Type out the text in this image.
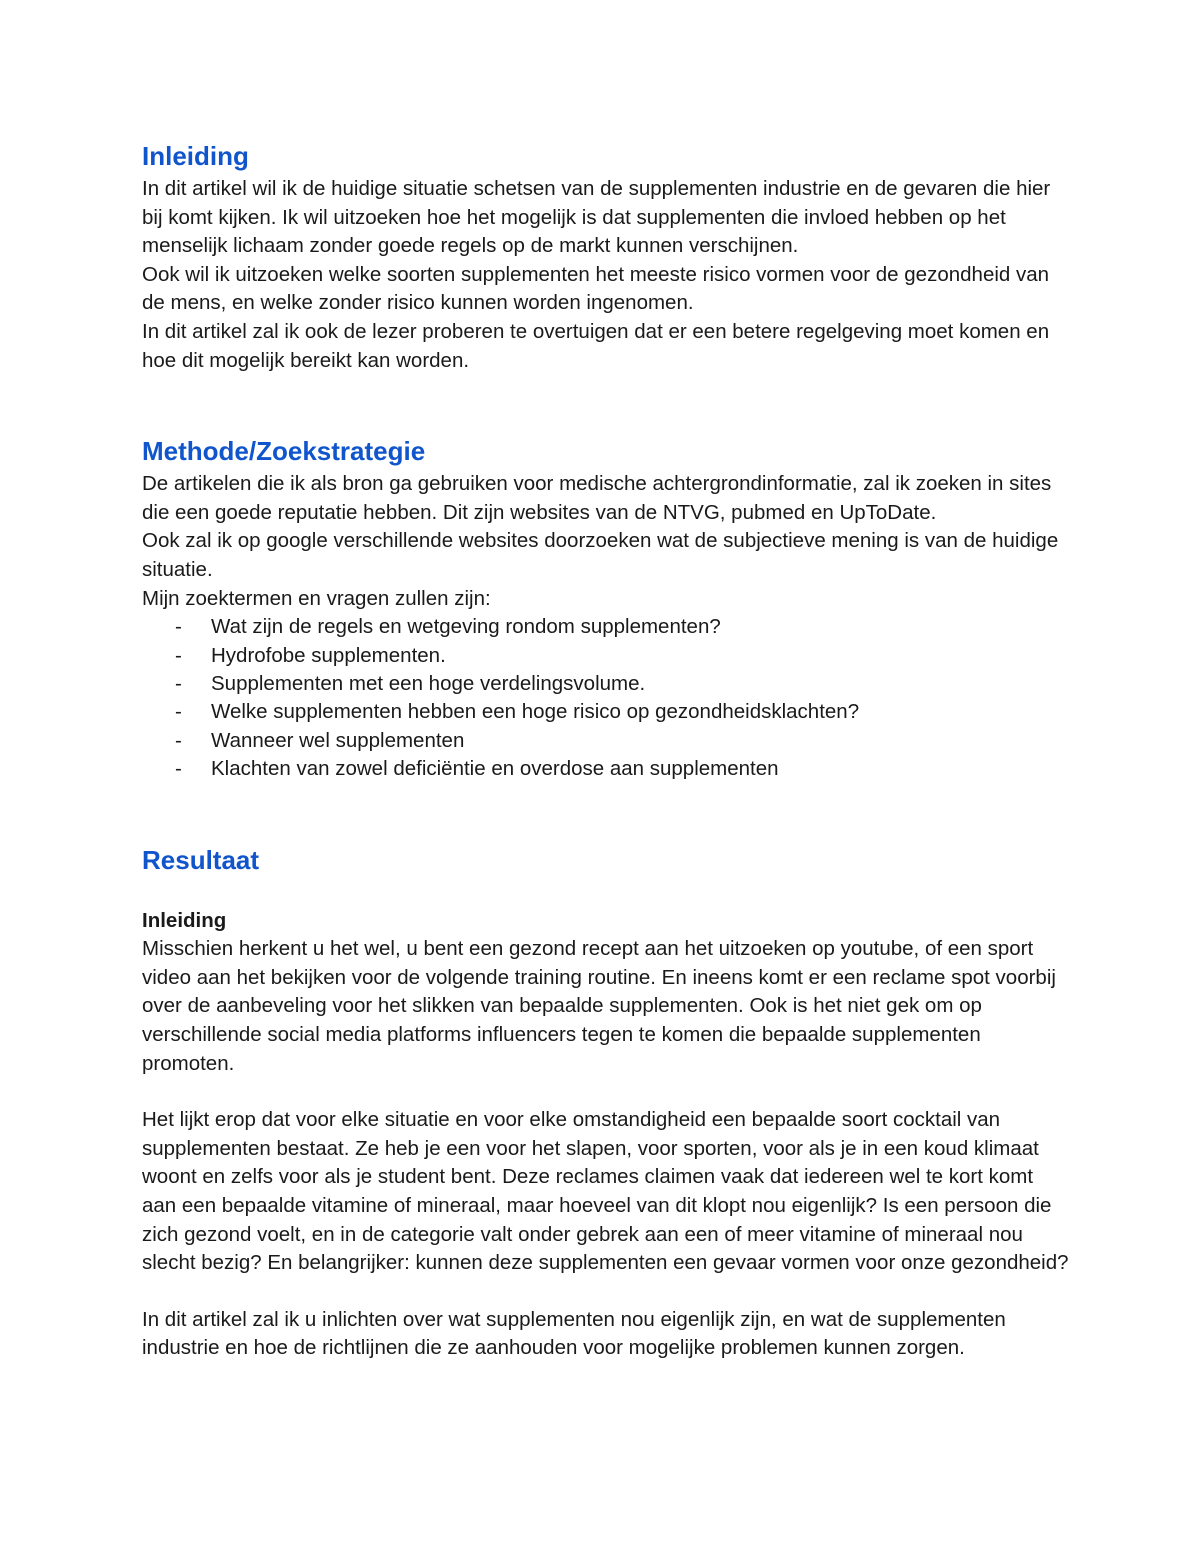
Inleiding

In dit artikel wil ik de huidige situatie schetsen van de supplementen industrie en de gevaren die hier bij komt kijken. Ik wil uitzoeken hoe het mogelijk is dat supplementen die invloed hebben op het menselijk lichaam zonder goede regels op de markt kunnen verschijnen.

Ook wil ik uitzoeken welke soorten supplementen het meeste risico vormen voor de gezondheid van de mens, en welke zonder risico kunnen worden ingenomen.

In dit artikel zal ik ook de lezer proberen te overtuigen dat er een betere regelgeving moet komen en hoe dit mogelijk bereikt kan worden.

Methode/Zoekstrategie

De artikelen die ik als bron ga gebruiken voor medische achtergrondinformatie, zal ik zoeken in sites die een goede reputatie hebben. Dit zijn websites van de NTVG, pubmed en UpToDate.

Ook zal ik op google verschillende websites doorzoeken wat de subjectieve mening is van de huidige situatie.

Mijn zoektermen en vragen zullen zijn:

- Wat zijn de regels en wetgeving rondom supplementen?
- Hydrofobe supplementen.
- Supplementen met een hoge verdelingsvolume.
- Welke supplementen hebben een hoge risico op gezondheidsklachten?
- Wanneer wel supplementen
- Klachten van zowel deficiëntie en overdose aan supplementen
Resultaat
Inleiding

Misschien herkent u het wel, u bent een gezond recept aan het uitzoeken op youtube, of een sport video aan het bekijken voor de volgende training routine. En ineens komt er een reclame spot voorbij over de aanbeveling voor het slikken van bepaalde supplementen. Ook is het niet gek om op verschillende social media platforms influencers tegen te komen die bepaalde supplementen promoten.

Het lijkt erop dat voor elke situatie en voor elke omstandigheid een bepaalde soort cocktail van supplementen bestaat. Ze heb je een voor het slapen, voor sporten, voor als je in een koud klimaat woont en zelfs voor als je student bent. Deze reclames claimen vaak dat iedereen wel te kort komt aan een bepaalde vitamine of mineraal, maar hoeveel van dit klopt nou eigenlijk? Is een persoon die zich gezond voelt, en in de categorie valt onder gebrek aan een of meer vitamine of mineraal nou slecht bezig? En belangrijker: kunnen deze supplementen een gevaar vormen voor onze gezondheid?

In dit artikel zal ik u inlichten over wat supplementen nou eigenlijk zijn, en wat de supplementen industrie en hoe de richtlijnen die ze aanhouden voor mogelijke problemen kunnen zorgen.
